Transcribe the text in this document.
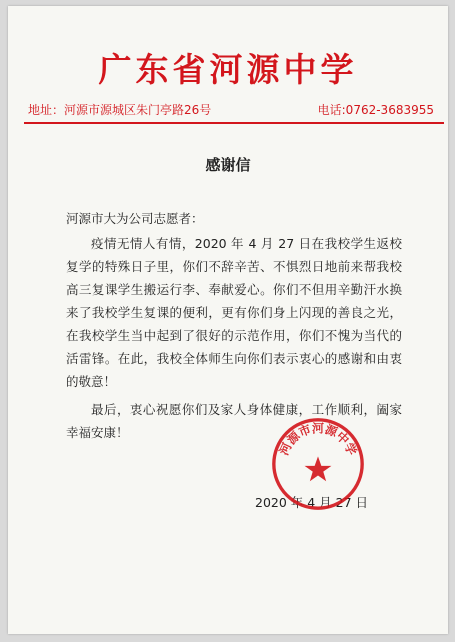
广东省河源中学
地址：河源市源城区朱门亭路26号	电话:0762-3683955
感谢信
河源市大为公司志愿者：

疫情无情人有情，2020 年 4 月 27 日在我校学生返校复学的特殊日子里，你们不辞辛苦、不惧烈日地前来帮我校高三复课学生搬运行李、奉献爱心。你们不但用辛勤汗水换来了我校学生复课的便利，更有你们身上闪现的善良之光，在我校学生当中起到了很好的示范作用，你们不愧为当代的活雷锋。在此，我校全体师生向你们表示衷心的感谢和由衷的敬意！

最后，衷心祝愿你们及家人身体健康，工作顺利，阖家幸福安康！

2020 年 4 月 27 日
河源市河源中学
